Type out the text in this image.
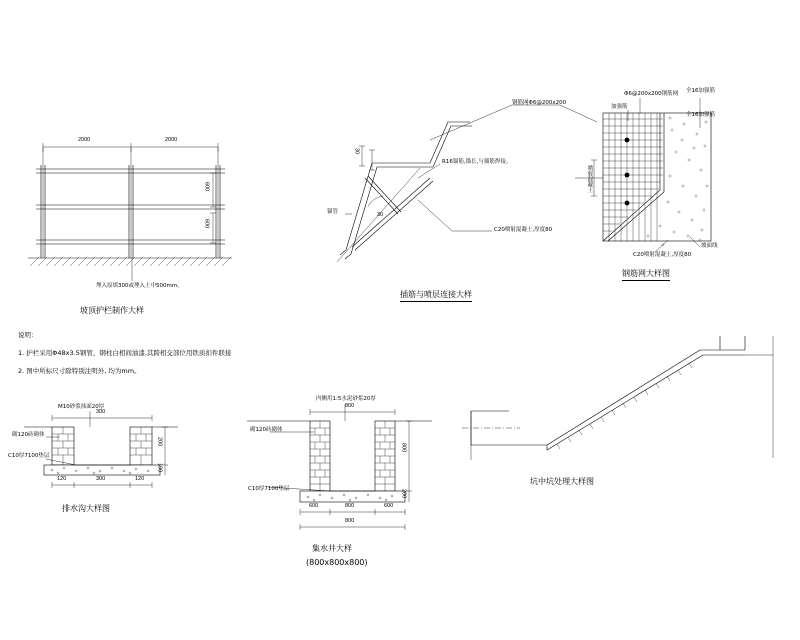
2000	2000
600
600
埋入原填300或埋入土中500mm。
坡顶护栏制作大样
说明：
1. 护栏采用Φ48х3.5钢管，钢柱白相间油漆,其跨相交部位用铁质扣件联接
2. 图中所标尺寸除特别注明外, 均为mm。
钢筋网Φ6@200x200
R16锚筋,锚长,与插筋焊接。
锚管
C20喷射混凝土,厚度80
30
30
插筋与喷层连接大样
Φ6@200x200钢筋网 全16加强筋
全16加强筋
加强筋
喷射混凝土
坡面线
C20喷射混凝土,厚度80
钢筋网大样图
M10砂浆抹面20厚
砌120砖砌体
C10厚7100垫层
300
200
100
120	300	120
排水沟大样图
内侧用1:5水泥砂浆20厚
砌120砖砌体
C10厚7100垫层
800
800
200
600	800	600
800
集水井大样
(800x800x800)
坑中坑处理大样图
